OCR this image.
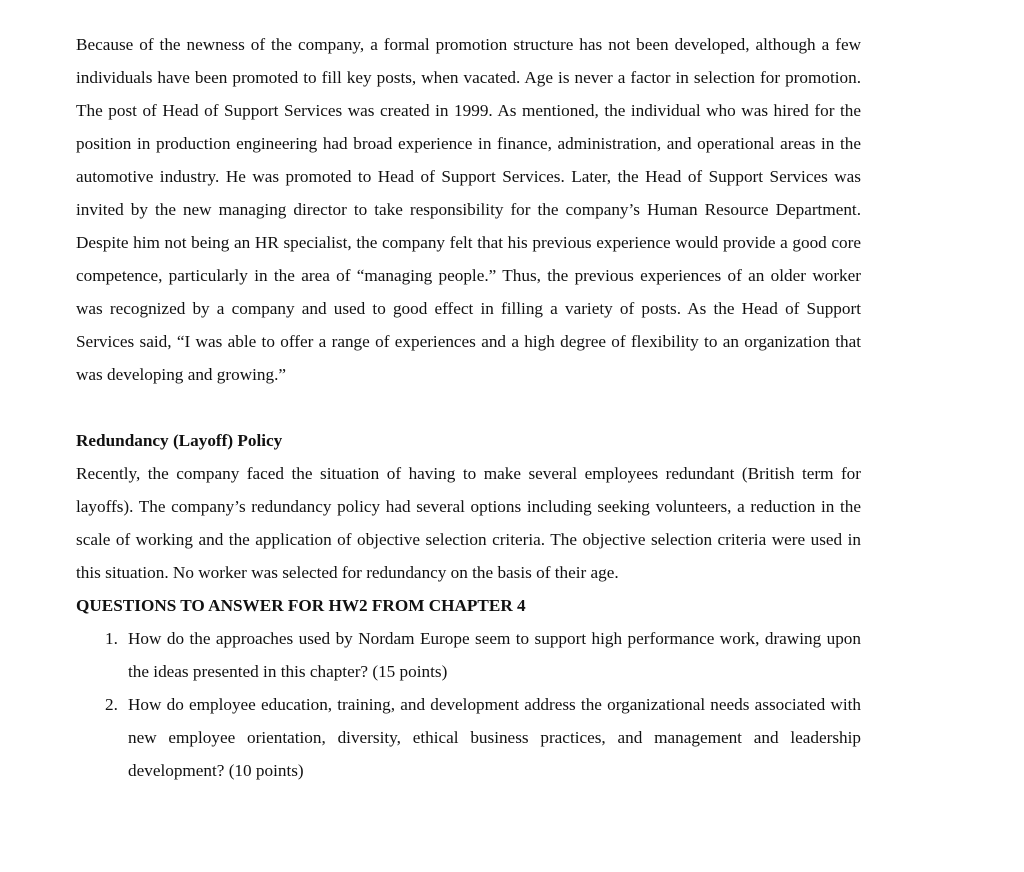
Because of the newness of the company, a formal promotion structure has not been developed, although a few individuals have been promoted to fill key posts, when vacated. Age is never a factor in selection for promotion. The post of Head of Support Services was created in 1999. As mentioned, the individual who was hired for the position in production engineering had broad experience in finance, administration, and operational areas in the automotive industry. He was promoted to Head of Support Services. Later, the Head of Support Services was invited by the new managing director to take responsibility for the company’s Human Resource Department. Despite him not being an HR specialist, the company felt that his previous experience would provide a good core competence, particularly in the area of “managing people.” Thus, the previous experiences of an older worker was recognized by a company and used to good effect in filling a variety of posts. As the Head of Support Services said, “I was able to offer a range of experiences and a high degree of flexibility to an organization that was developing and growing.”

Redundancy (Layoff) Policy

Recently, the company faced the situation of having to make several employees redundant (British term for layoffs). The company’s redundancy policy had several options including seeking volunteers, a reduction in the scale of working and the application of objective selection criteria. The objective selection criteria were used in this situation. No worker was selected for redundancy on the basis of their age.

QUESTIONS TO ANSWER FOR HW2 FROM CHAPTER 4
1. How do the approaches used by Nordam Europe seem to support high performance work, drawing upon the ideas presented in this chapter? (15 points)
2. How do employee education, training, and development address the organizational needs associated with new employee orientation, diversity, ethical business practices, and management and leadership development? (10 points)
